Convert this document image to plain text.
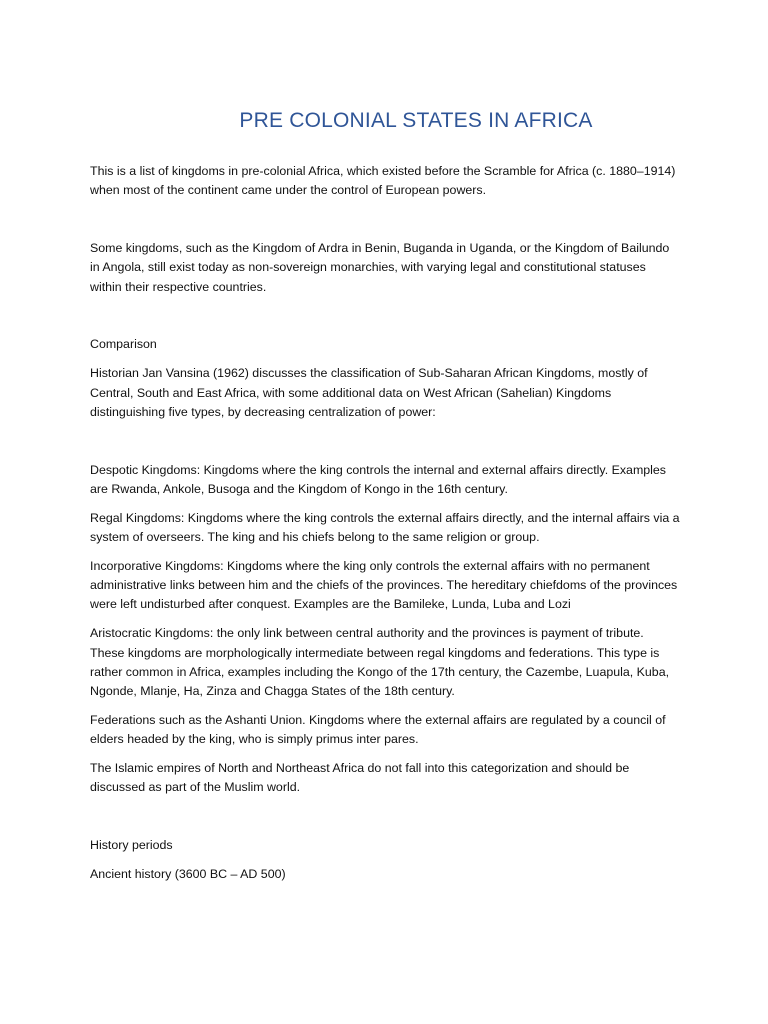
PRE COLONIAL STATES IN AFRICA

This is a list of kingdoms in pre-colonial Africa, which existed before the Scramble for Africa (c. 1880–1914) when most of the continent came under the control of European powers.

Some kingdoms, such as the Kingdom of Ardra in Benin, Buganda in Uganda, or the Kingdom of Bailundo in Angola, still exist today as non-sovereign monarchies, with varying legal and constitutional statuses within their respective countries.

Comparison

Historian Jan Vansina (1962) discusses the classification of Sub-Saharan African Kingdoms, mostly of Central, South and East Africa, with some additional data on West African (Sahelian) Kingdoms distinguishing five types, by decreasing centralization of power:

Despotic Kingdoms: Kingdoms where the king controls the internal and external affairs directly. Examples are Rwanda, Ankole, Busoga and the Kingdom of Kongo in the 16th century.

Regal Kingdoms: Kingdoms where the king controls the external affairs directly, and the internal affairs via a system of overseers. The king and his chiefs belong to the same religion or group.

Incorporative Kingdoms: Kingdoms where the king only controls the external affairs with no permanent administrative links between him and the chiefs of the provinces. The hereditary chiefdoms of the provinces were left undisturbed after conquest. Examples are the Bamileke, Lunda, Luba and Lozi

Aristocratic Kingdoms: the only link between central authority and the provinces is payment of tribute. These kingdoms are morphologically intermediate between regal kingdoms and federations. This type is rather common in Africa, examples including the Kongo of the 17th century, the Cazembe, Luapula, Kuba, Ngonde, Mlanje, Ha, Zinza and Chagga States of the 18th century.

Federations such as the Ashanti Union. Kingdoms where the external affairs are regulated by a council of elders headed by the king, who is simply primus inter pares.

The Islamic empires of North and Northeast Africa do not fall into this categorization and should be discussed as part of the Muslim world.

History periods

Ancient history (3600 BC – AD 500)
